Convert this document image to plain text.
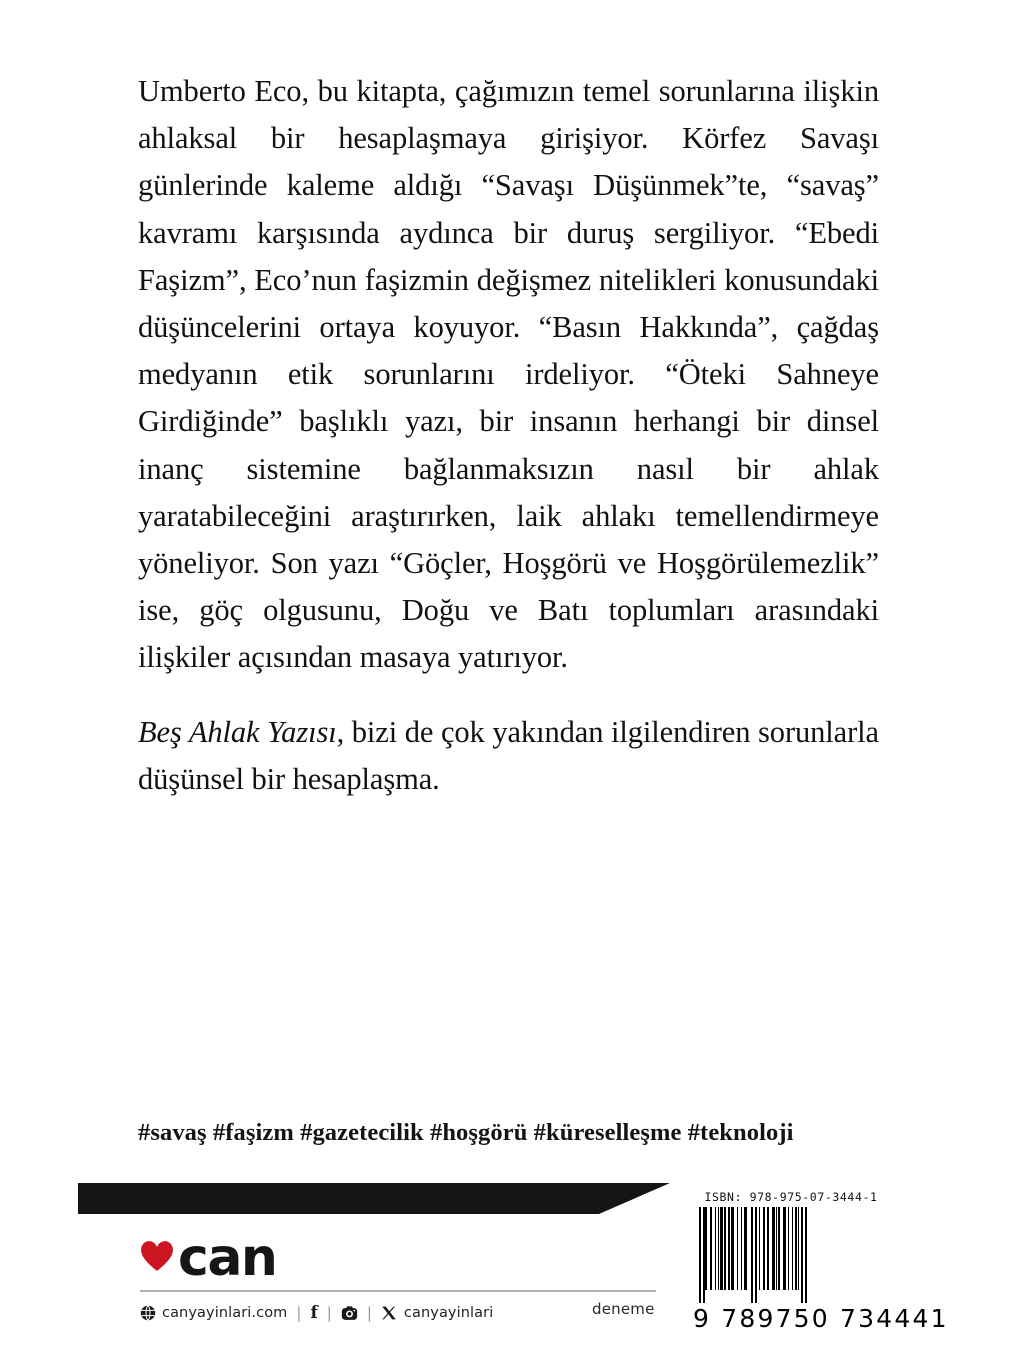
Umberto Eco, bu kitapta, çağımızın temel sorunlarına ilişkin ahlaksal bir hesaplaşmaya girişiyor. Körfez Savaşı günlerinde kaleme aldığı “Savaşı Düşünmek”te, “savaş” kavramı karşısında aydınca bir duruş sergiliyor. “Ebedi Faşizm”, Eco’nun faşizmin değişmez nitelikleri konusundaki düşüncelerini ortaya koyuyor. “Basın Hakkında”, çağdaş medyanın etik sorunlarını irdeliyor. “Öteki Sahneye Girdiğinde” başlıklı yazı, bir insanın herhangi bir dinsel inanç sistemine bağlanmaksızın nasıl bir ahlak yaratabileceğini araştırırken, laik ahlakı temellendirmeye yöneliyor. Son yazı “Göçler, Hoşgörü ve Hoşgörülemezlik” ise, göç olgusunu, Doğu ve Batı toplumları arasındaki ilişkiler açısından masaya yatırıyor.

Beş Ahlak Yazısı, bizi de çok yakından ilgilendiren sorunlarla düşünsel bir hesaplaşma.

#savaş #faşizm #gazetecilik #hoşgörü #küreselleşme #teknoloji
can
canyayinlari.com | f | | canyayinlari	deneme
ISBN: 978-975-07-3444-1
9 789750 734441
